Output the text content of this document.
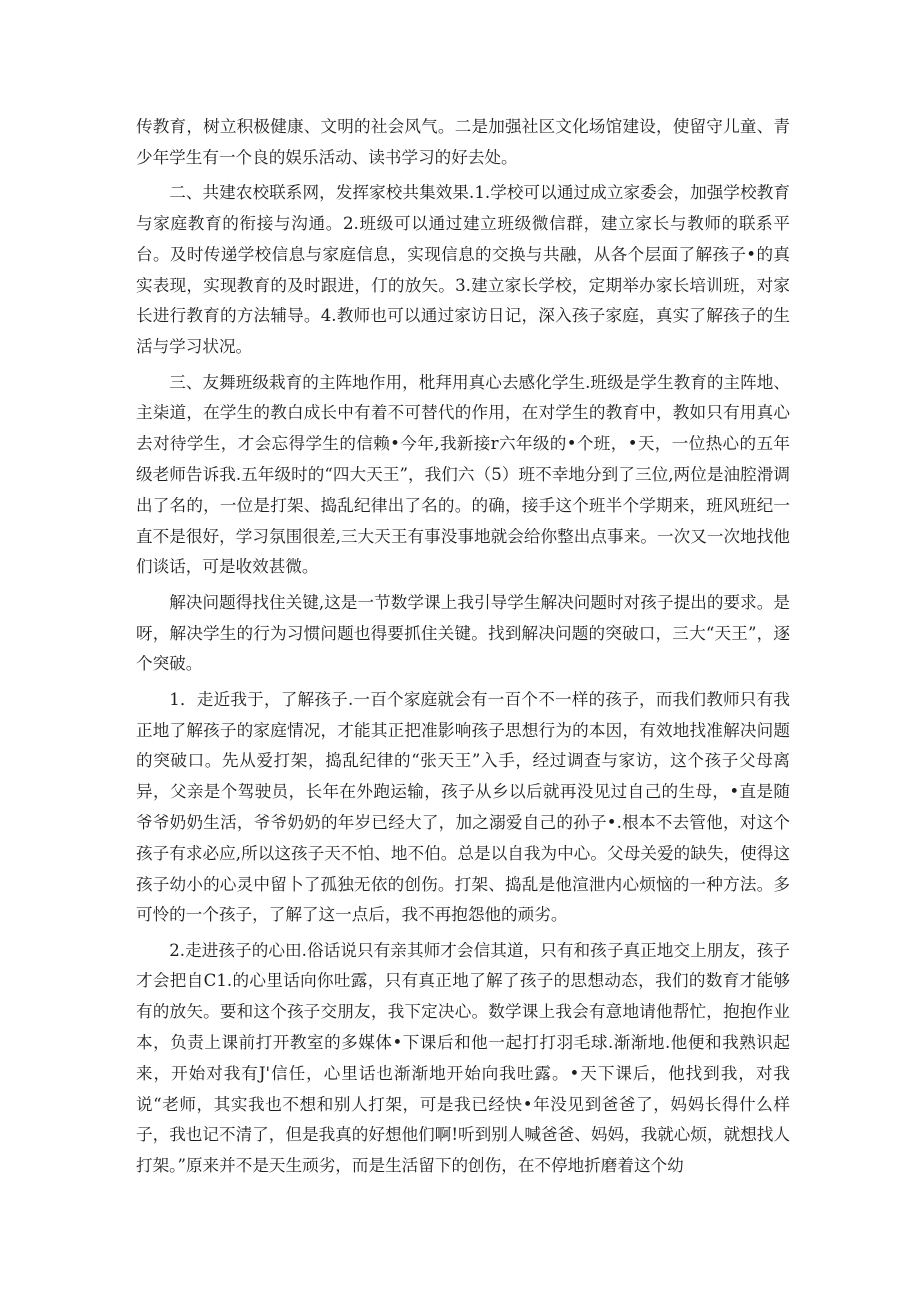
传教育，树立积极健康、文明的社会风气。二是加强社区文化场馆建设，使留守儿童、青少年学生有一个良的娱乐活动、读书学习的好去处。

二、共建农校联系网，发挥家校共集效果.1.学校可以通过成立家委会，加强学校教育与家庭教育的衔接与沟通。2.班级可以通过建立班级微信群，建立家长与教师的联系平台。及时传递学校信息与家庭信息，实现信息的交换与共融，从各个层面了解孩子•的真实表现，实现教育的及时跟进，仃的放矢。3.建立家长学校，定期举办家长培训班，对家长进行教育的方法辅导。4.教师也可以通过家访日记，深入孩子家庭，真实了解孩子的生活与学习状况。

三、友舞班级栽育的主阵地作用，枇拜用真心去感化学生.班级是学生教育的主阵地、主柒道，在学生的教白成长中有着不可替代的作用，在对学生的教育中，教如只有用真心去对待学生，才会忘得学生的信赖•今年,我新接r六年级的•个班，•天，一位热心的五年级老师告诉我.五年级时的“四大天王”，我们六（5）班不幸地分到了三位,两位是油腔滑调出了名的，一位是打架、捣乱纪律出了名的。的确，接手这个班半个学期来，班风班纪一直不是很好，学习氛围很差,三大天王有事没事地就会给你整出点事来。一次又一次地找他们谈话，可是收效甚微。

解决问题得找住关键,这是一节数学课上我引导学生解决问题时对孩子提出的要求。是呀，解决学生的行为习惯问题也得要抓住关键。找到解决问题的突破口，三大“天王”，逐个突破。

1．走近我于，了解孩子.一百个家庭就会有一百个不一样的孩子，而我们教师只有我正地了解孩子的家庭情况，才能其正把准影响孩子思想行为的本因，有效地找准解决问题的突破口。先从爱打架，捣乱纪律的“张天王”入手，经过调查与家访，这个孩子父母离异，父亲是个驾驶员，长年在外跑运输，孩子从乡以后就再没见过自己的生母，•直是随爷爷奶奶生活，爷爷奶奶的年岁已经大了，加之溺爱自己的孙子•.根本不去管他，对这个孩子有求必应,所以这孩子天不怕、地不伯。总是以自我为中心。父母关爱的缺失，使得这孩子幼小的心灵中留卜了孤独无依的创伤。打架、捣乱是他渲泄内心烦恼的一种方法。多可怜的一个孩子，了解了这一点后，我不再抱怨他的顽劣。

2.走进孩子的心田.俗话说只有亲其师才会信其道，只有和孩子真正地交上朋友，孩子才会把自C1.的心里话向你吐露，只有真正地了解了孩子的思想动态，我们的数育才能够有的放矢。要和这个孩子交朋友，我下定决心。数学课上我会有意地请他帮忙，抱抱作业本，负责上课前打开教室的多媒体•下课后和他一起打打羽毛球.渐渐地.他便和我熟识起来，开始对我有J'信任，心里话也渐渐地开始向我吐露。•天下课后，他找到我，对我说“老师，其实我也不想和别人打架，可是我已经快•年没见到爸爸了，妈妈长得什么样子，我也记不清了，但是我真的好想他们啊!听到别人喊爸爸、妈妈，我就心烦，就想找人打架。”原来并不是天生顽劣，而是生活留下的创伤，在不停地折磨着这个幼
